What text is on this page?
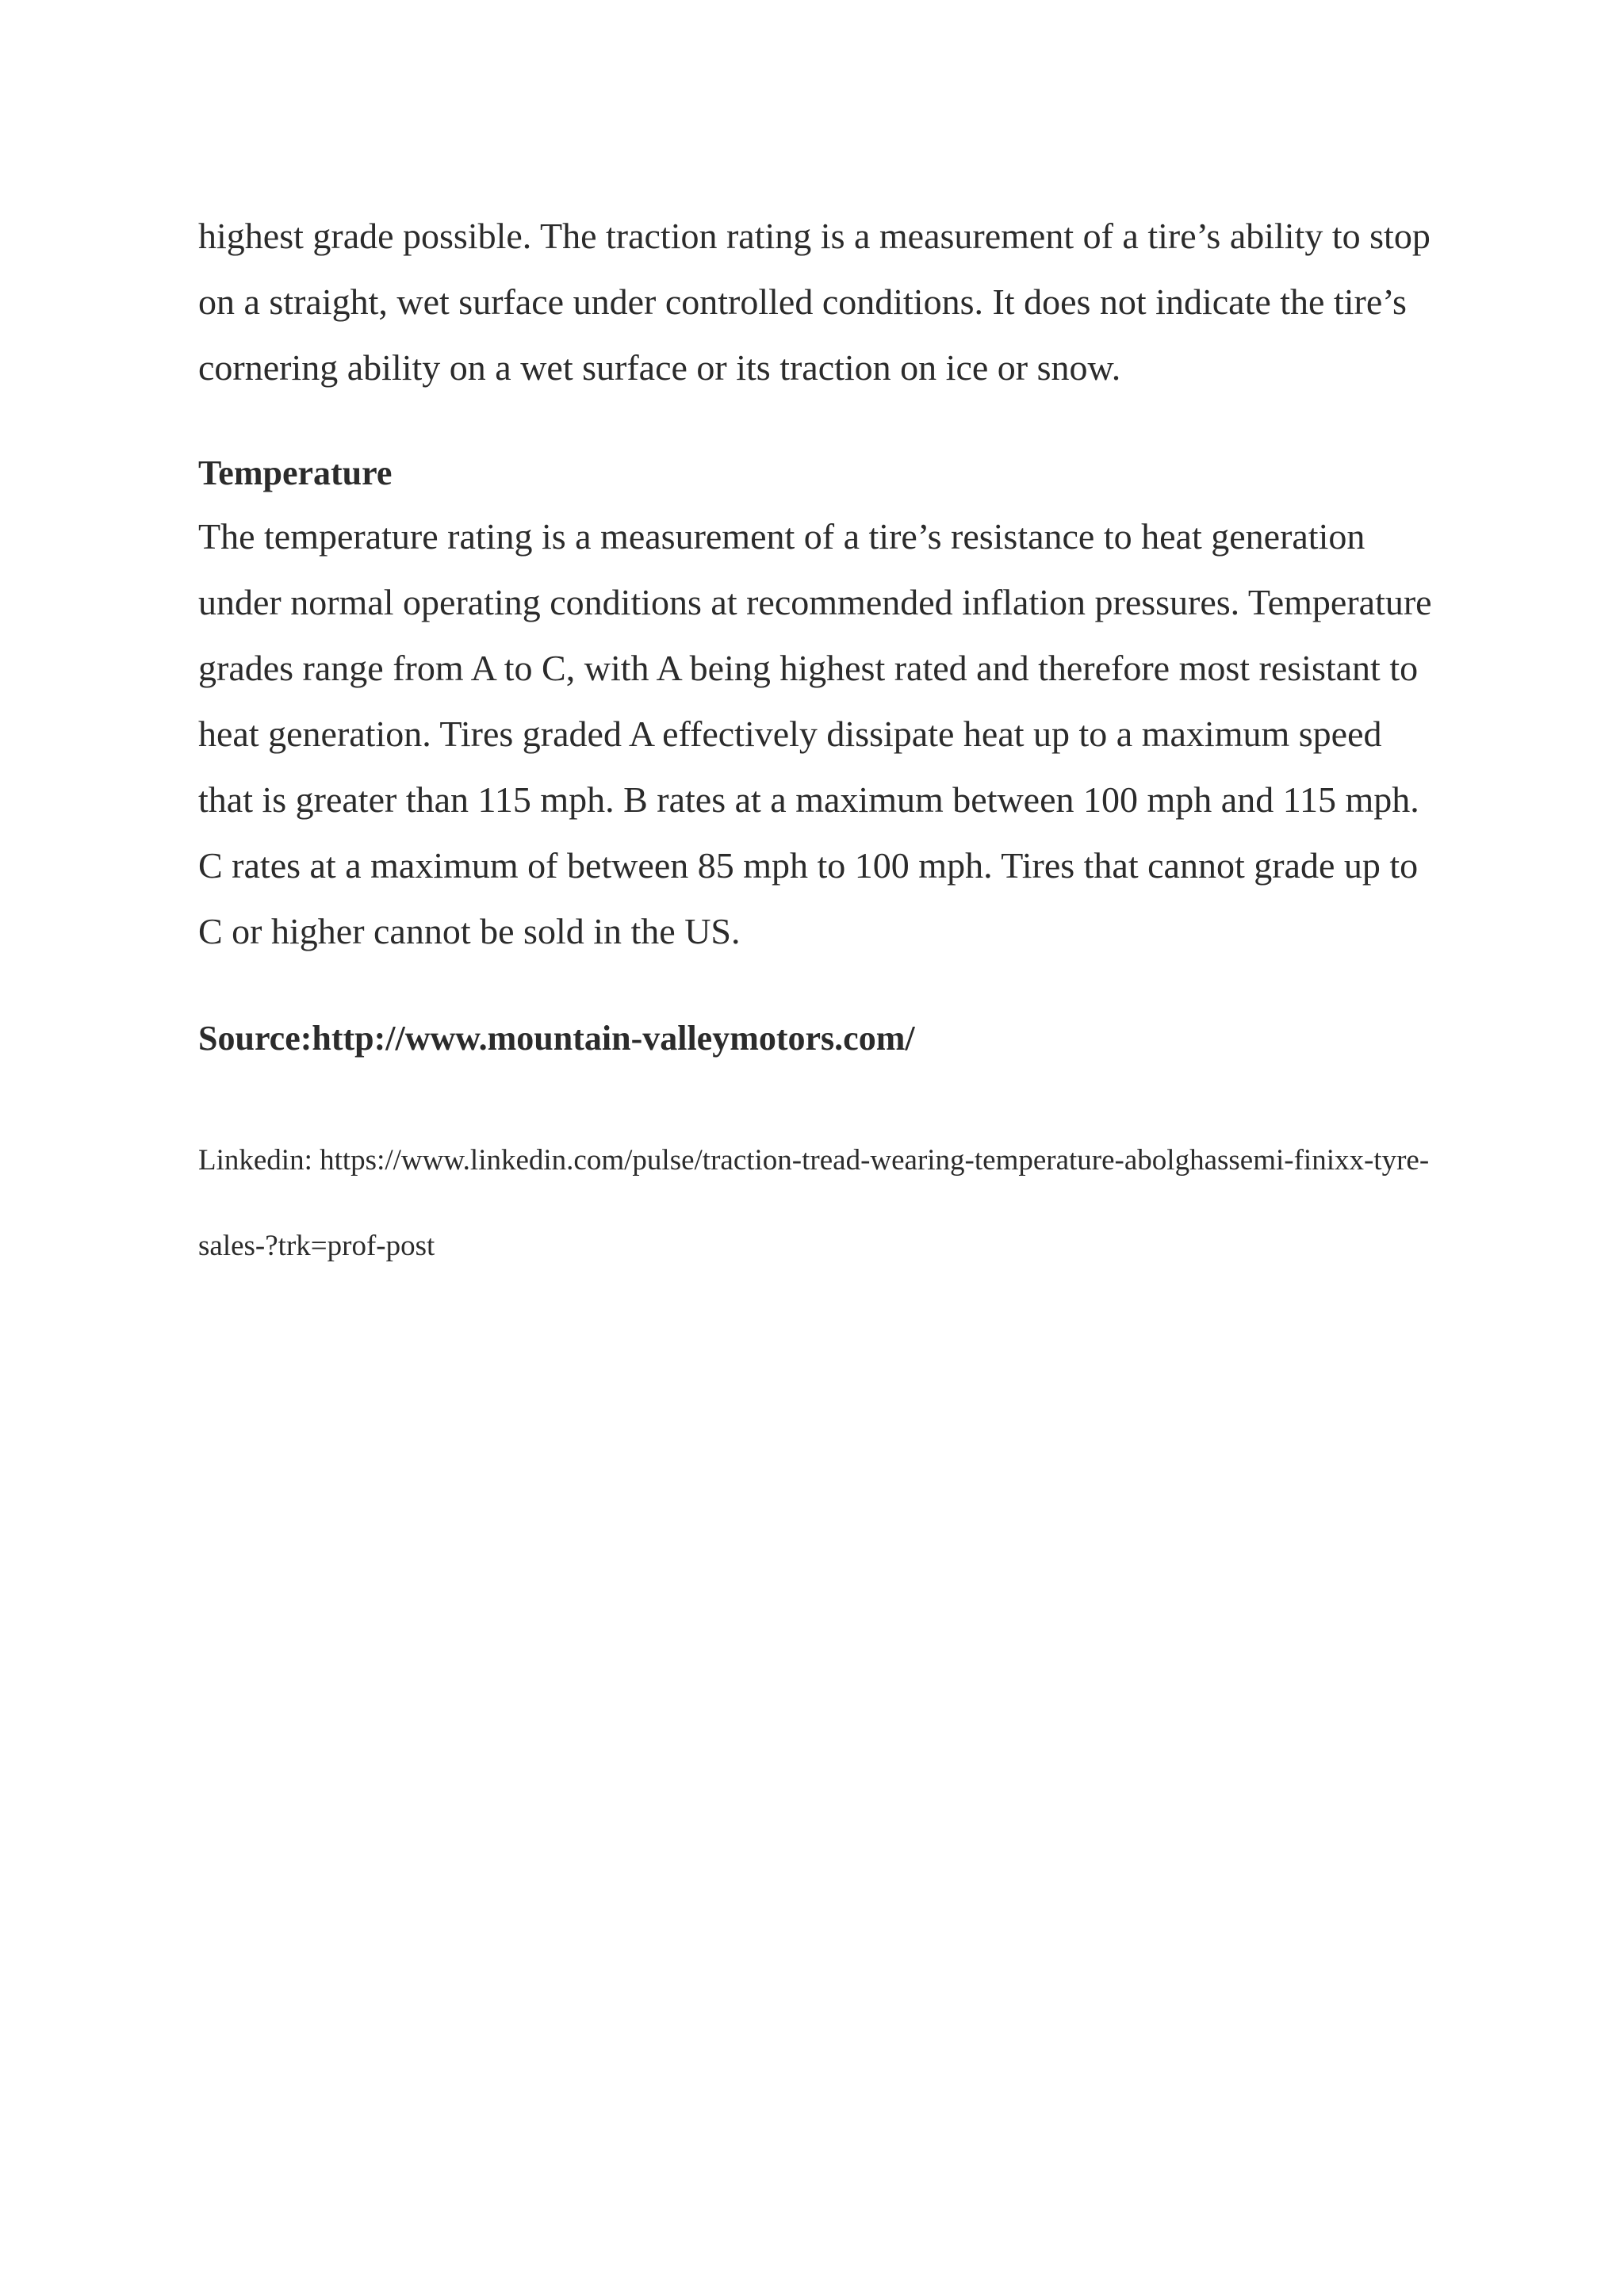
highest grade possible. The traction rating is a measurement of a tire’s ability to stop on a straight, wet surface under controlled conditions. It does not indicate the tire’s cornering ability on a wet surface or its traction on ice or snow.

Temperature

The temperature rating is a measurement of a tire’s resistance to heat generation under normal operating conditions at recommended inflation pressures. Temperature grades range from A to C, with A being highest rated and therefore most resistant to heat generation. Tires graded A effectively dissipate heat up to a maximum speed that is greater than 115 mph. B rates at a maximum between 100 mph and 115 mph. C rates at a maximum of between 85 mph to 100 mph. Tires that cannot grade up to C or higher cannot be sold in the US.

Source:http://www.mountain-valleymotors.com/

Linkedin: https://www.linkedin.com/pulse/traction-tread-wearing-temperature-abolghassemi-finixx-tyre-sales-?trk=prof-post
